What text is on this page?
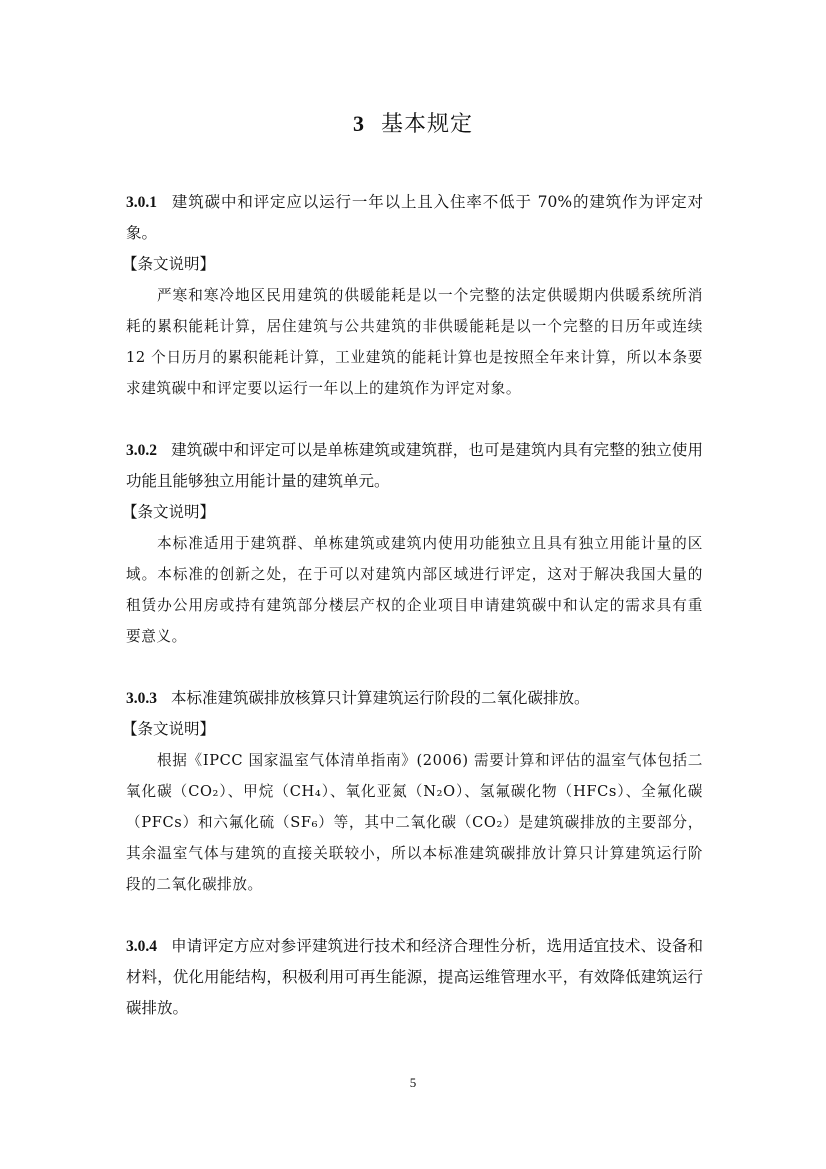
3 基本规定

3.0.1 建筑碳中和评定应以运行一年以上且入住率不低于 70%的建筑作为评定对象。

【条文说明】

严寒和寒冷地区民用建筑的供暖能耗是以一个完整的法定供暖期内供暖系统所消耗的累积能耗计算，居住建筑与公共建筑的非供暖能耗是以一个完整的日历年或连续 12 个日历月的累积能耗计算，工业建筑的能耗计算也是按照全年来计算，所以本条要求建筑碳中和评定要以运行一年以上的建筑作为评定对象。

3.0.2 建筑碳中和评定可以是单栋建筑或建筑群，也可是建筑内具有完整的独立使用功能且能够独立用能计量的建筑单元。

【条文说明】

本标准适用于建筑群、单栋建筑或建筑内使用功能独立且具有独立用能计量的区域。本标准的创新之处，在于可以对建筑内部区域进行评定，这对于解决我国大量的租赁办公用房或持有建筑部分楼层产权的企业项目申请建筑碳中和认定的需求具有重要意义。

3.0.3 本标准建筑碳排放核算只计算建筑运行阶段的二氧化碳排放。

【条文说明】

根据《IPCC 国家温室气体清单指南》(2006) 需要计算和评估的温室气体包括二氧化碳（CO₂）、甲烷（CH₄）、氧化亚氮（N₂O）、氢氟碳化物（HFCs）、全氟化碳（PFCs）和六氟化硫（SF₆）等，其中二氧化碳（CO₂）是建筑碳排放的主要部分，其余温室气体与建筑的直接关联较小，所以本标准建筑碳排放计算只计算建筑运行阶段的二氧化碳排放。

3.0.4 申请评定方应对参评建筑进行技术和经济合理性分析，选用适宜技术、设备和材料，优化用能结构，积极利用可再生能源，提高运维管理水平，有效降低建筑运行碳排放。

5
